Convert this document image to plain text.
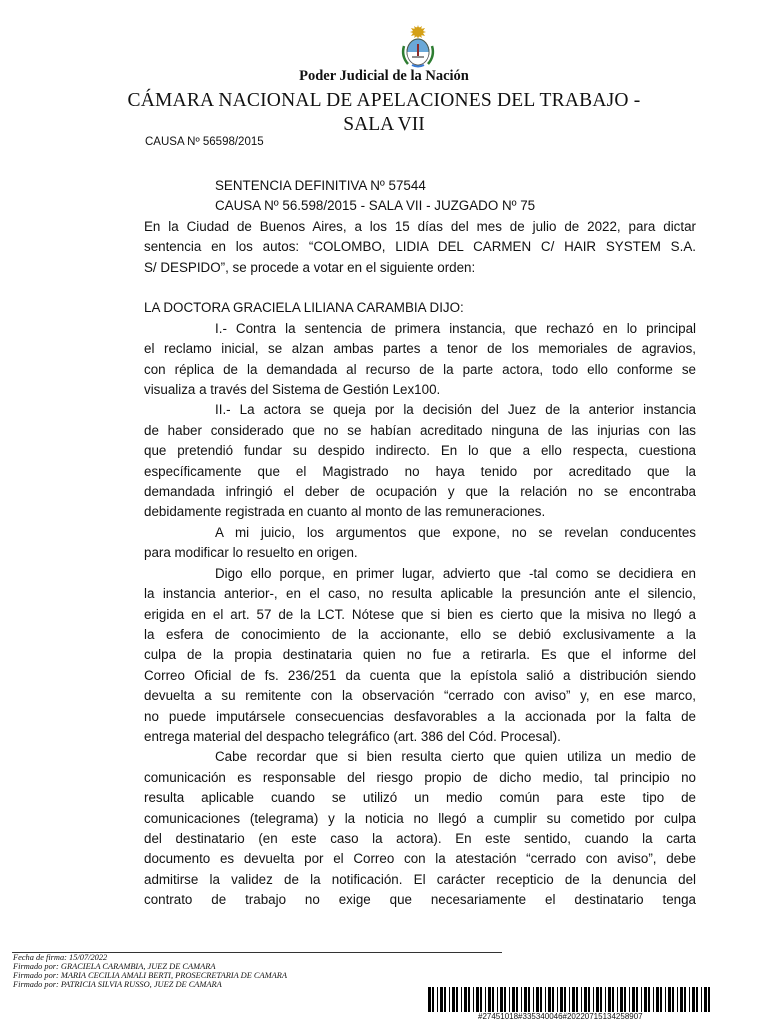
Poder Judicial de la Nación
CÁMARA NACIONAL DE APELACIONES DEL TRABAJO -
SALA VII
CAUSA Nº 56598/2015
SENTENCIA DEFINITIVA Nº 57544
CAUSA Nº 56.598/2015 - SALA VII - JUZGADO Nº 75
En la Ciudad de Buenos Aires, a los 15 días del mes de julio de 2022, para dictar
sentencia en los autos: “COLOMBO, LIDIA DEL CARMEN C/ HAIR SYSTEM S.A.
S/ DESPIDO”, se procede a votar en el siguiente orden:
LA DOCTORA GRACIELA LILIANA CARAMBIA DIJO:
I.- Contra la sentencia de primera instancia, que rechazó en lo principal
el reclamo inicial, se alzan ambas partes a tenor de los memoriales de agravios,
con réplica de la demandada al recurso de la parte actora, todo ello conforme se
visualiza a través del Sistema de Gestión Lex100.
II.- La actora se queja por la decisión del Juez de la anterior instancia
de haber considerado que no se habían acreditado ninguna de las injurias con las
que pretendió fundar su despido indirecto. En lo que a ello respecta, cuestiona
específicamente que el Magistrado no haya tenido por acreditado que la
demandada infringió el deber de ocupación y que la relación no se encontraba
debidamente registrada en cuanto al monto de las remuneraciones.
A mi juicio, los argumentos que expone, no se revelan conducentes
para modificar lo resuelto en origen.
Digo ello porque, en primer lugar, advierto que -tal como se decidiera en
la instancia anterior-, en el caso, no resulta aplicable la presunción ante el silencio,
erigida en el art. 57 de la LCT. Nótese que si bien es cierto que la misiva no llegó a
la esfera de conocimiento de la accionante, ello se debió exclusivamente a la
culpa de la propia destinataria quien no fue a retirarla. Es que el informe del
Correo Oficial de fs. 236/251 da cuenta que la epístola salió a distribución siendo
devuelta a su remitente con la observación “cerrado con aviso” y, en ese marco,
no puede imputársele consecuencias desfavorables a la accionada por la falta de
entrega material del despacho telegráfico (art. 386 del Cód. Procesal).
Cabe recordar que si bien resulta cierto que quien utiliza un medio de
comunicación es responsable del riesgo propio de dicho medio, tal principio no
resulta aplicable cuando se utilizó un medio común para este tipo de
comunicaciones (telegrama) y la noticia no llegó a cumplir su cometido por culpa
del destinatario (en este caso la actora). En este sentido, cuando la carta
documento es devuelta por el Correo con la atestación “cerrado con aviso”, debe
admitirse la validez de la notificación. El carácter recepticio de la denuncia del
contrato de trabajo no exige que necesariamente el destinatario tenga
Fecha de firma: 15/07/2022
Firmado por: GRACIELA CARAMBIA, JUEZ DE CAMARA
Firmado por: MARIA CECILIA AMALI BERTI, PROSECRETARIA DE CAMARA
Firmado por: PATRICIA SILVIA RUSSO, JUEZ DE CAMARA
#27451018#335340046#20220715134258907
